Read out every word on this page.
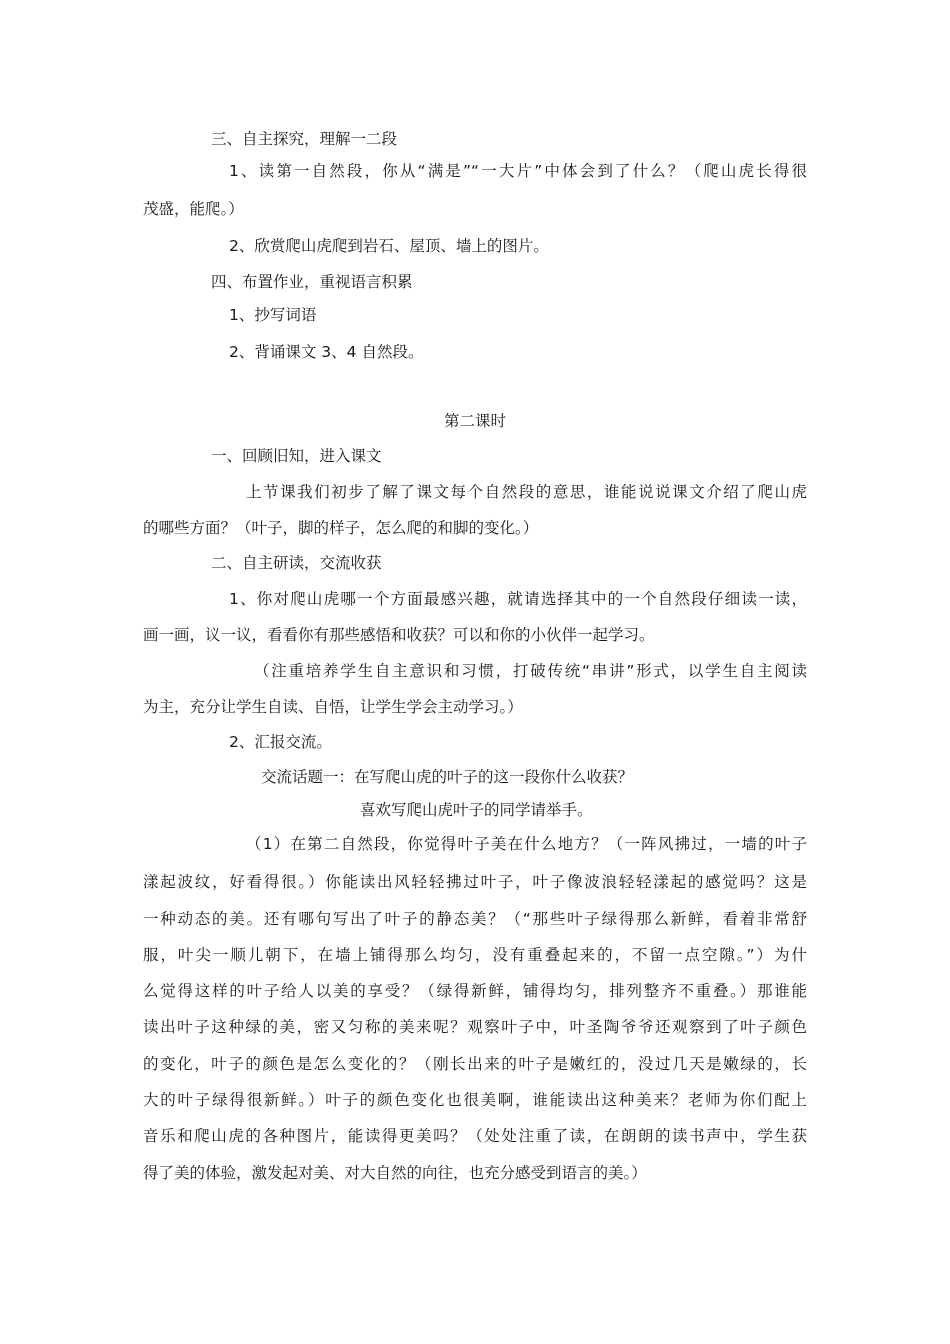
三、自主探究，理解一二段
1、读第一自然段，你从“满是”“一大片”中体会到了什么？（爬山虎长得很
茂盛，能爬。）
2、欣赏爬山虎爬到岩石、屋顶、墙上的图片。
四、布置作业，重视语言积累
1、抄写词语
2、背诵课文 3、4 自然段。
第二课时
一、回顾旧知，进入课文
上节课我们初步了解了课文每个自然段的意思，谁能说说课文介绍了爬山虎
的哪些方面？（叶子，脚的样子，怎么爬的和脚的变化。）
二、自主研读，交流收获
1、你对爬山虎哪一个方面最感兴趣，就请选择其中的一个自然段仔细读一读，
画一画，议一议，看看你有那些感悟和收获？可以和你的小伙伴一起学习。
（注重培养学生自主意识和习惯，打破传统“串讲”形式，以学生自主阅读
为主，充分让学生自读、自悟，让学生学会主动学习。）
2、汇报交流。
交流话题一：在写爬山虎的叶子的这一段你什么收获？
喜欢写爬山虎叶子的同学请举手。
（1）在第二自然段，你觉得叶子美在什么地方？（一阵风拂过，一墙的叶子
漾起波纹，好看得很。）你能读出风轻轻拂过叶子，叶子像波浪轻轻漾起的感觉吗？这是
一种动态的美。还有哪句写出了叶子的静态美？（“那些叶子绿得那么新鲜，看着非常舒
服，叶尖一顺儿朝下，在墙上铺得那么均匀，没有重叠起来的，不留一点空隙。”）为什
么觉得这样的叶子给人以美的享受？（绿得新鲜，铺得均匀，排列整齐不重叠。）那谁能
读出叶子这种绿的美，密又匀称的美来呢？观察叶子中，叶圣陶爷爷还观察到了叶子颜色
的变化，叶子的颜色是怎么变化的？（刚长出来的叶子是嫩红的，没过几天是嫩绿的，长
大的叶子绿得很新鲜。）叶子的颜色变化也很美啊，谁能读出这种美来？老师为你们配上
音乐和爬山虎的各种图片，能读得更美吗？（处处注重了读，在朗朗的读书声中，学生获
得了美的体验，激发起对美、对大自然的向往，也充分感受到语言的美。）
